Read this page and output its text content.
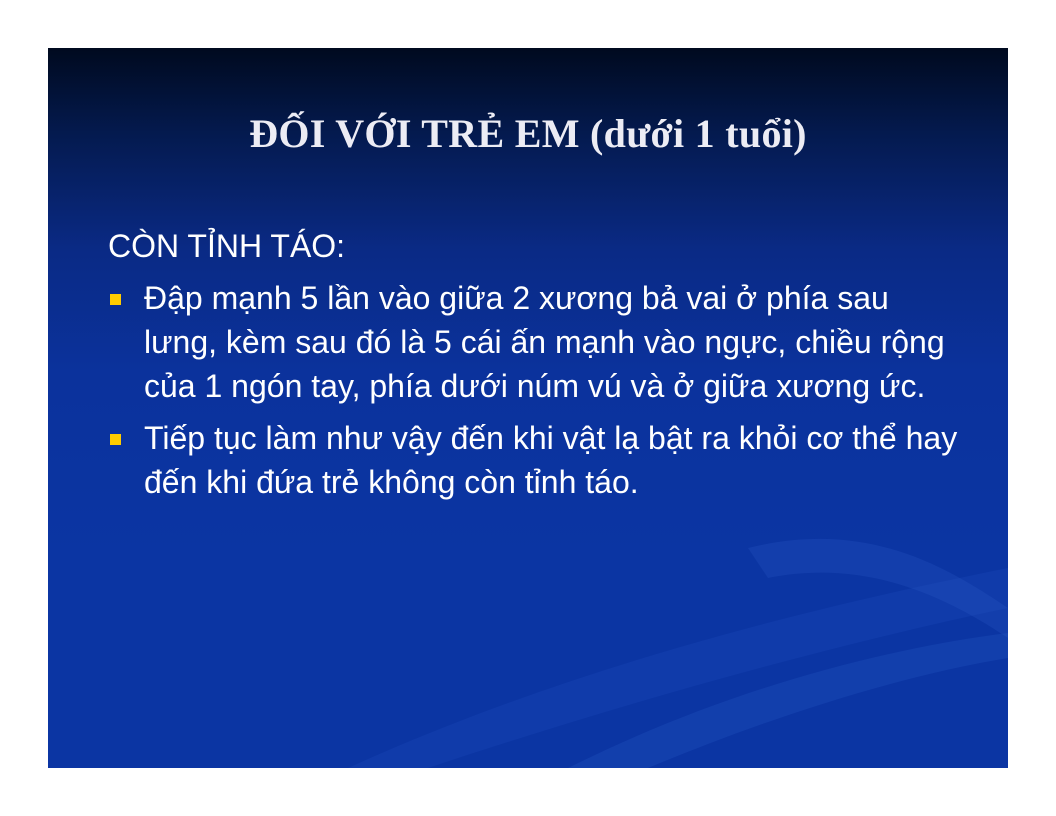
ĐỐI VỚI TRẺ EM (dưới 1 tuổi)
CÒN TỈNH TÁO:
Đập mạnh 5 lần vào giữa 2 xương bả vai ở phía sau lưng, kèm sau đó là 5 cái ấn mạnh vào ngực, chiều rộng của 1 ngón tay, phía dưới núm vú và ở giữa xương ức.
Tiếp tục làm như vậy đến khi vật lạ bật ra khỏi cơ thể hay đến khi đứa trẻ không còn tỉnh táo.
